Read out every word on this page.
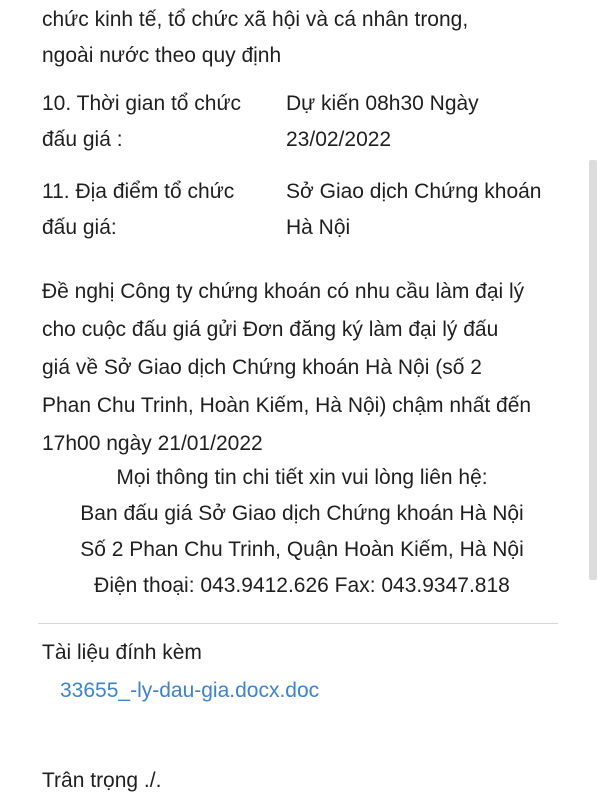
chức kinh tế, tổ chức xã hội và cá nhân trong,
ngoài nước theo quy định
10. Thời gian tổ chức
đấu giá :
Dự kiến 08h30 Ngày
23/02/2022
11. Địa điểm tổ chức
đấu giá:
Sở Giao dịch Chứng khoán
Hà Nội
Đề nghị Công ty chứng khoán có nhu cầu làm đại lý
cho cuộc đấu giá gửi Đơn đăng ký làm đại lý đấu
giá về Sở Giao dịch Chứng khoán Hà Nội (số 2
Phan Chu Trinh, Hoàn Kiếm, Hà Nội) chậm nhất đến
17h00 ngày 21/01/2022
Mọi thông tin chi tiết xin vui lòng liên hệ:
Ban đấu giá Sở Giao dịch Chứng khoán Hà Nội
Số 2 Phan Chu Trinh, Quận Hoàn Kiếm, Hà Nội
Điện thoại: 043.9412.626 Fax: 043.9347.818
Tài liệu đính kèm
33655_-ly-dau-gia.docx.doc
Trân trọng ./.
